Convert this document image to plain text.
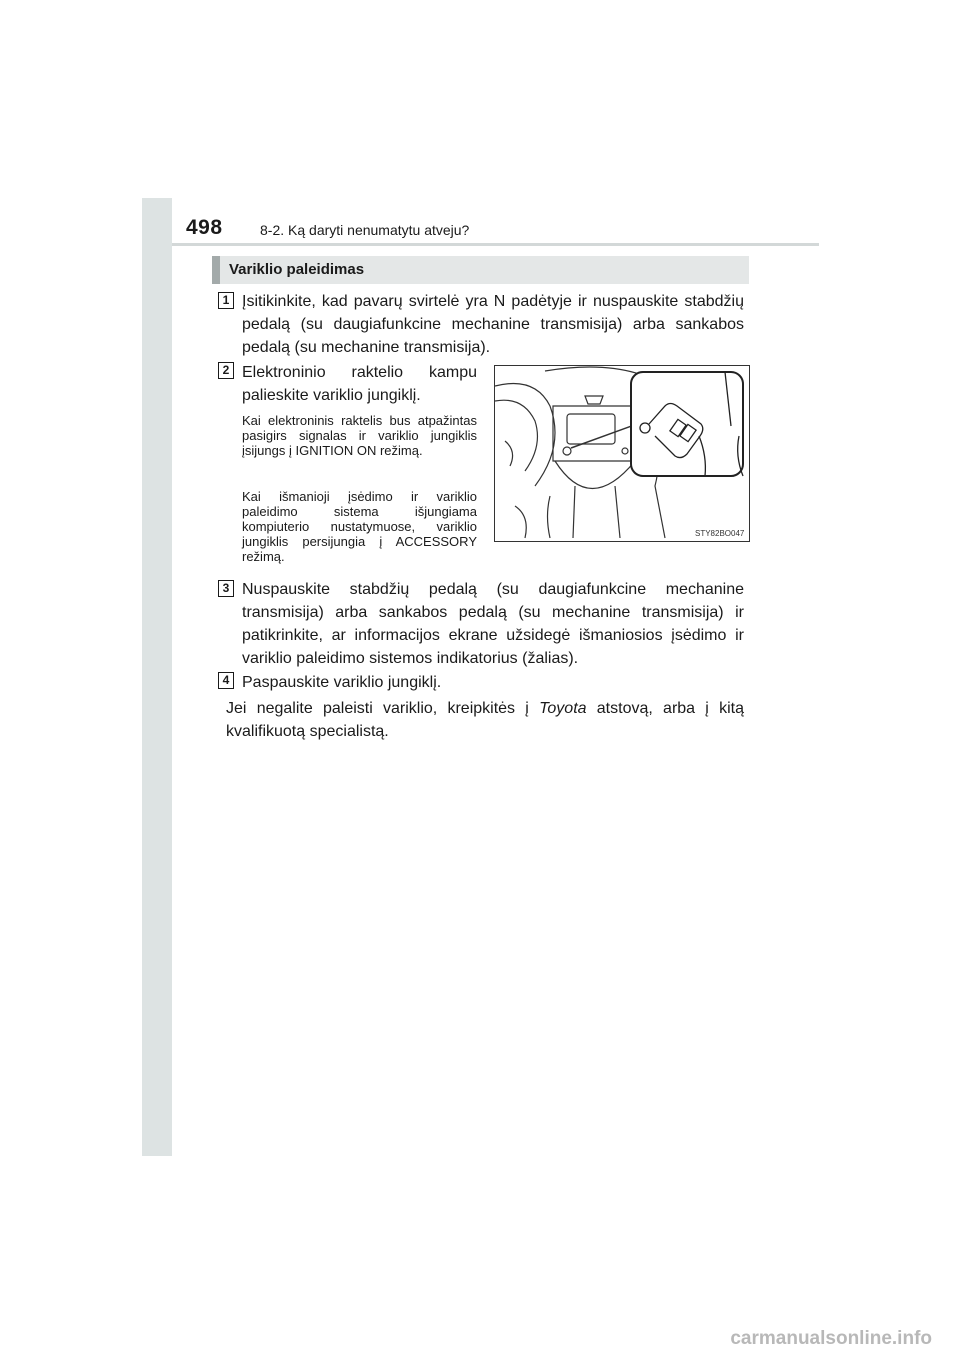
498	8-2. Ką daryti nenumatytu atveju?
Variklio paleidimas
1 Įsitikinkite, kad pavarų svirtelė yra N padėtyje ir nuspauskite stabdžių pedalą (su daugiafunkcine mechanine transmisija) arba sankabos pedalą (su mechanine transmisija).
2 Elektroninio raktelio kampu palieskite variklio jungiklį.
Kai elektroninis raktelis bus atpažintas pasigirs signalas ir variklio jungiklis įsijungs į IGNITION ON režimą.
Kai išmanioji įsėdimo ir variklio paleidimo sistema išjungiama kompiuterio nustatymuose, variklio jungiklis persijungia į ACCESSORY režimą.
STY82BO047
3 Nuspauskite stabdžių pedalą (su daugiafunkcine mechanine transmisija) arba sankabos pedalą (su mechanine transmisija) ir patikrinkite, ar informacijos ekrane užsidegė išmaniosios įsėdimo ir variklio paleidimo sistemos indikatorius (žalias).
4 Paspauskite variklio jungiklį.
Jei negalite paleisti variklio, kreipkitės į Toyota atstovą, arba į kitą kvalifikuotą specialistą.
carmanualsonline.info
